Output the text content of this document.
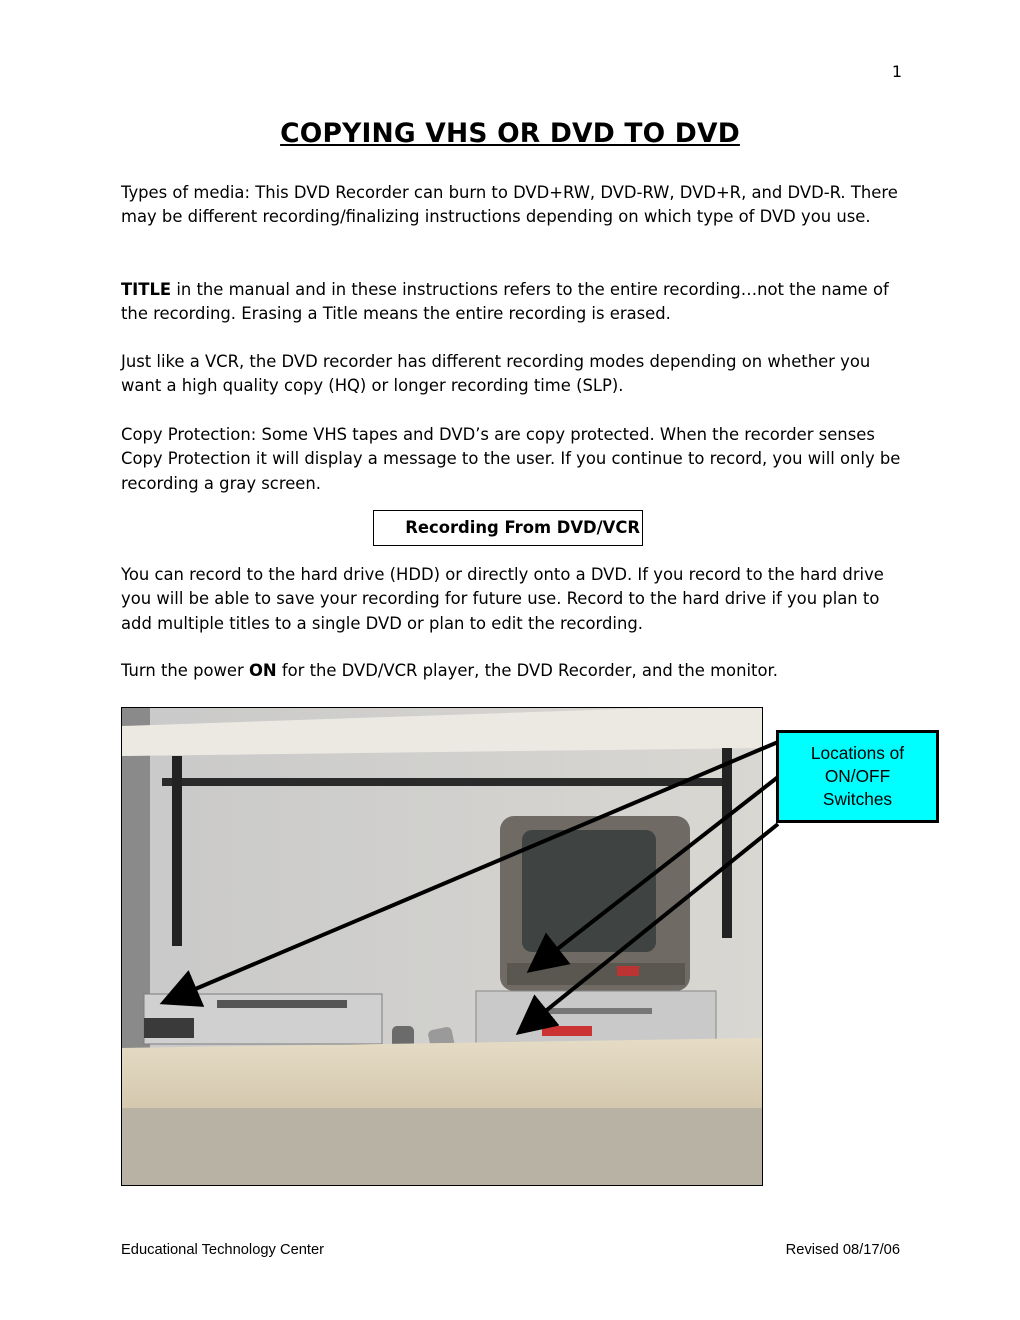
1
COPYING VHS OR DVD TO DVD

Types of media: This DVD Recorder can burn to DVD+RW, DVD-RW, DVD+R, and DVD-R. There may be different recording/finalizing instructions depending on which type of DVD you use.

TITLE in the manual and in these instructions refers to the entire recording…not the name of the recording. Erasing a Title means the entire recording is erased.

Just like a VCR, the DVD recorder has different recording modes depending on whether you want a high quality copy (HQ) or longer recording time (SLP).

Copy Protection: Some VHS tapes and DVD’s are copy protected. When the recorder senses Copy Protection it will display a message to the user. If you continue to record, you will only be recording a gray screen.

Recording From DVD/VCR

You can record to the hard drive (HDD) or directly onto a DVD. If you record to the hard drive you will be able to save your recording for future use. Record to the hard drive if you plan to add multiple titles to a single DVD or plan to edit the recording.

Turn the power ON for the DVD/VCR player, the DVD Recorder, and the monitor.

Locations of
ON/OFF
Switches
Educational Technology Center	Revised 08/17/06
